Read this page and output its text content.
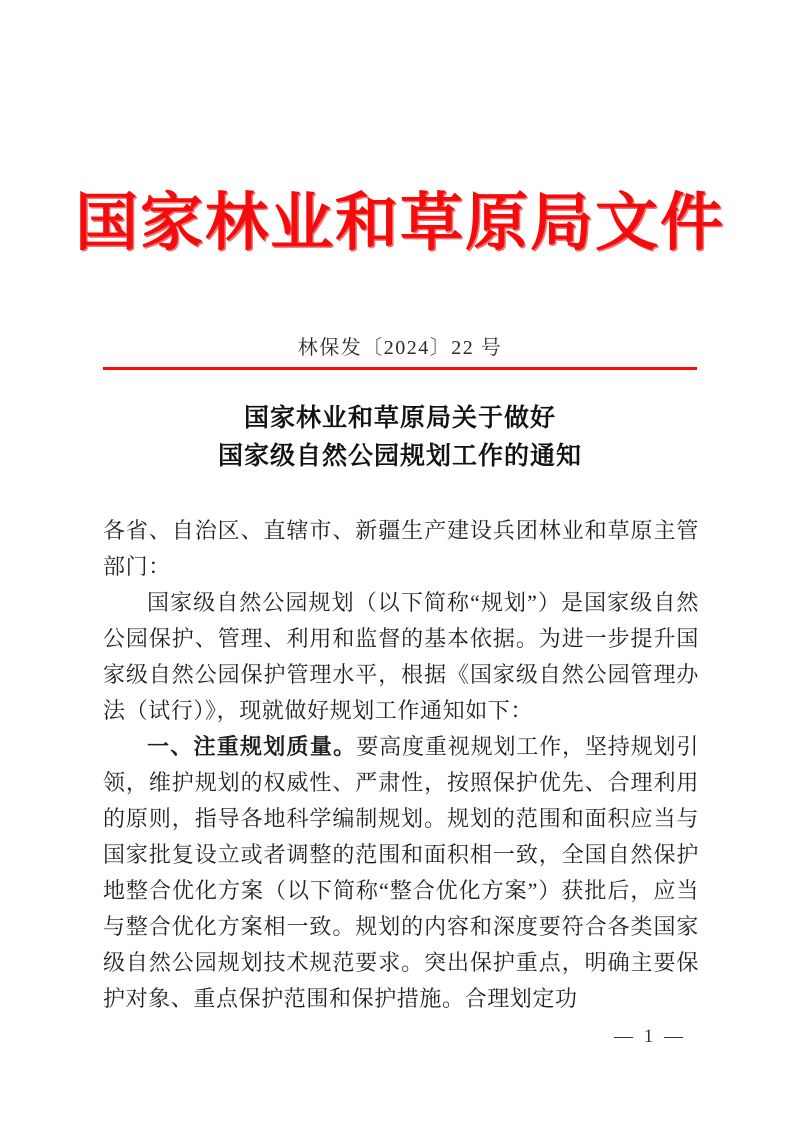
国家林业和草原局文件
林保发〔2024〕22 号
国家林业和草原局关于做好
国家级自然公园规划工作的通知

各省、自治区、直辖市、新疆生产建设兵团林业和草原主管部门：

国家级自然公园规划（以下简称“规划”）是国家级自然公园保护、管理、利用和监督的基本依据。为进一步提升国家级自然公园保护管理水平，根据《国家级自然公园管理办法（试行）》，现就做好规划工作通知如下：

一、注重规划质量。要高度重视规划工作，坚持规划引领，维护规划的权威性、严肃性，按照保护优先、合理利用的原则，指导各地科学编制规划。规划的范围和面积应当与国家批复设立或者调整的范围和面积相一致，全国自然保护地整合优化方案（以下简称“整合优化方案”）获批后，应当与整合优化方案相一致。规划的内容和深度要符合各类国家级自然公园规划技术规范要求。突出保护重点，明确主要保护对象、重点保护范围和保护措施。合理划定功

— 1 —
